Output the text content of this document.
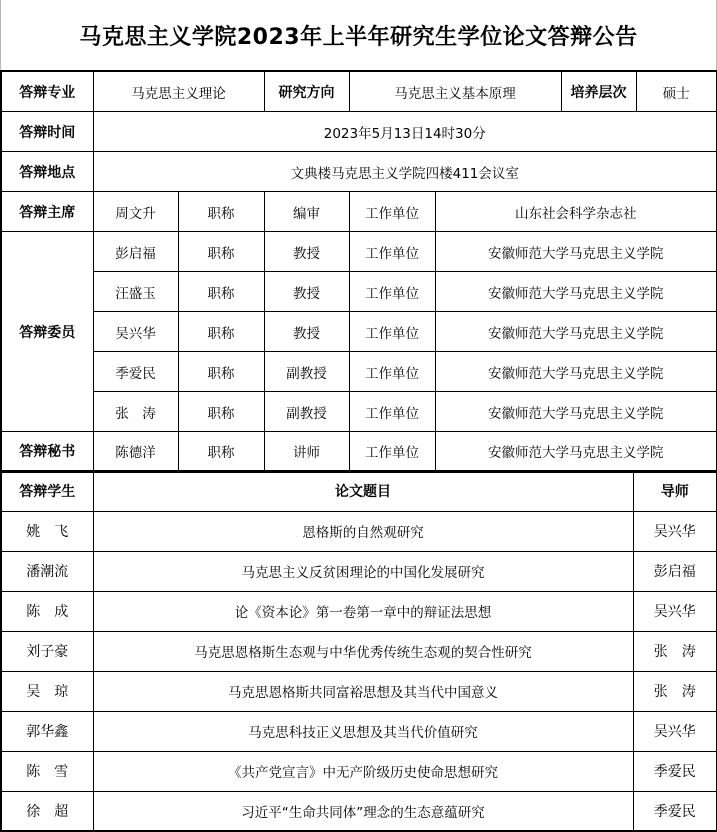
马克思主义学院2023年上半年研究生学位论文答辩公告
答辩专业	马克思主义理论		研究方向	马克思主义基本原理		培养层次 硕士

答辩时间	2023年5月13日14时30分					
答辩地点	文典楼马克思主义学院四楼411会议室					
答辩主席	周文升	职称	编审	工作单位	山东社会科学杂志社	
答辩委员	彭启福	职称	教授	工作单位	安徽师范大学马克思主义学院	
	汪盛玉	职称	教授	工作单位	安徽师范大学马克思主义学院	
	吴兴华	职称	教授	工作单位	安徽师范大学马克思主义学院	
	季爱民	职称	副教授	工作单位	安徽师范大学马克思主义学院	
	张　涛	职称	副教授	工作单位	安徽师范大学马克思主义学院	
答辩秘书	陈德洋	职称	讲师	工作单位	安徽师范大学马克思主义学院	
答辩学生	论文题目	导师
姚　飞	恩格斯的自然观研究	吴兴华
潘潮流	马克思主义反贫困理论的中国化发展研究	彭启福
陈　成	论《资本论》第一卷第一章中的辩证法思想	吴兴华
刘子豪	马克思恩格斯生态观与中华优秀传统生态观的契合性研究	张　涛
吴　琼	马克思恩格斯共同富裕思想及其当代中国意义	张　涛
郭华鑫	马克思科技正义思想及其当代价值研究	吴兴华
陈　雪	《共产党宣言》中无产阶级历史使命思想研究	季爱民
徐　超	习近平“生命共同体”理念的生态意蕴研究	季爱民
